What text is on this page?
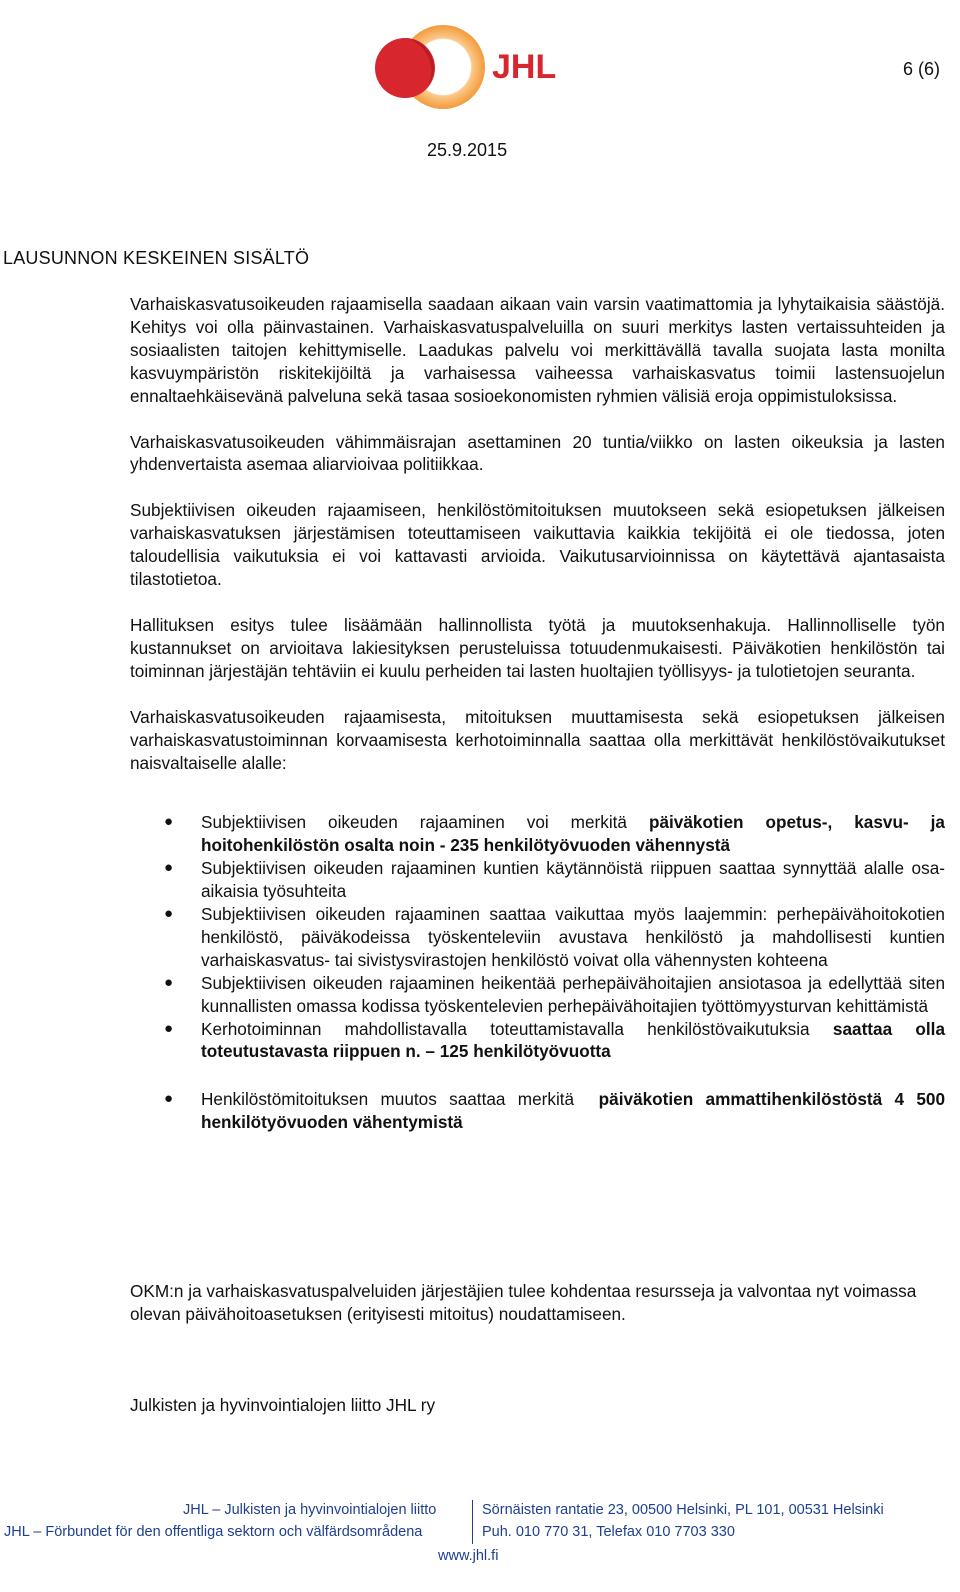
JHL	6 (6)
25.9.2015
LAUSUNNON KESKEINEN SISÄLTÖ

Varhaiskasvatusoikeuden rajaamisella saadaan aikaan vain varsin vaatimattomia ja lyhytaikaisia säästöjä. Kehitys voi olla päinvastainen. Varhaiskasvatuspalveluilla on suuri merkitys lasten vertaissuhteiden ja sosiaalisten taitojen kehittymiselle. Laadukas palvelu voi merkittävällä tavalla suojata lasta monilta kasvuympäristön riskitekijöiltä ja varhaisessa vaiheessa varhaiskasvatus toimii lastensuojelun ennaltaehkäisevänä palveluna sekä tasaa sosioekonomisten ryhmien välisiä eroja oppimistuloksissa.

Varhaiskasvatusoikeuden vähimmäisrajan asettaminen 20 tuntia/viikko on lasten oikeuksia ja lasten yhdenvertaista asemaa aliarvioivaa politiikkaa.

Subjektiivisen oikeuden rajaamiseen, henkilöstömitoituksen muutokseen sekä esiopetuksen jälkeisen varhaiskasvatuksen järjestämisen toteuttamiseen vaikuttavia kaikkia tekijöitä ei ole tiedossa, joten taloudellisia vaikutuksia ei voi kattavasti arvioida. Vaikutusarvioinnissa on käytettävä ajantasaista tilastotietoa.

Hallituksen esitys tulee lisäämään hallinnollista työtä ja muutoksenhakuja. Hallinnolliselle työn kustannukset on arvioitava lakiesityksen perusteluissa totuudenmukaisesti. Päiväkotien henkilöstön tai toiminnan järjestäjän tehtäviin ei kuulu perheiden tai lasten huoltajien työllisyys- ja tulotietojen seuranta.

Varhaiskasvatusoikeuden rajaamisesta, mitoituksen muuttamisesta sekä esiopetuksen jälkeisen varhaiskasvatustoiminnan korvaamisesta kerhotoiminnalla saattaa olla merkittävät henkilöstövaikutukset naisvaltaiselle alalle:

● Subjektiivisen oikeuden rajaaminen voi merkitä päiväkotien opetus-, kasvu- ja hoitohenkilöstön osalta noin - 235 henkilötyövuoden vähennystä
● Subjektiivisen oikeuden rajaaminen kuntien käytännöistä riippuen saattaa synnyttää alalle osa-aikaisia työsuhteita
● Subjektiivisen oikeuden rajaaminen saattaa vaikuttaa myös laajemmin: perhepäivähoitokotien henkilöstö, päiväkodeissa työskenteleviin avustava henkilöstö ja mahdollisesti kuntien varhaiskasvatus- tai sivistysvirastojen henkilöstö voivat olla vähennysten kohteena
● Subjektiivisen oikeuden rajaaminen heikentää perhepäivähoitajien ansiotasoa ja edellyttää siten kunnallisten omassa kodissa työskentelevien perhepäivähoitajien työttömyysturvan kehittämistä
● Kerhotoiminnan mahdollistavalla toteuttamistavalla henkilöstövaikutuksia saattaa olla toteutustavasta riippuen n. – 125 henkilötyövuotta
● Henkilöstömitoituksen muutos saattaa merkitä  päiväkotien ammattihenkilöstöstä 4 500 henkilötyövuoden vähentymistä
OKM:n ja varhaiskasvatuspalveluiden järjestäjien tulee kohdentaa resursseja ja valvontaa nyt voimassa olevan päivähoitoasetuksen (erityisesti mitoitus) noudattamiseen.
Julkisten ja hyvinvointialojen liitto JHL ry
JHL – Julkisten ja hyvinvointialojen liitto
JHL – Förbundet för den offentliga sektorn och välfärdsområdena
Sörnäisten rantatie 23, 00500 Helsinki, PL 101, 00531 Helsinki
Puh. 010 770 31, Telefax 010 7703 330
www.jhl.fi
